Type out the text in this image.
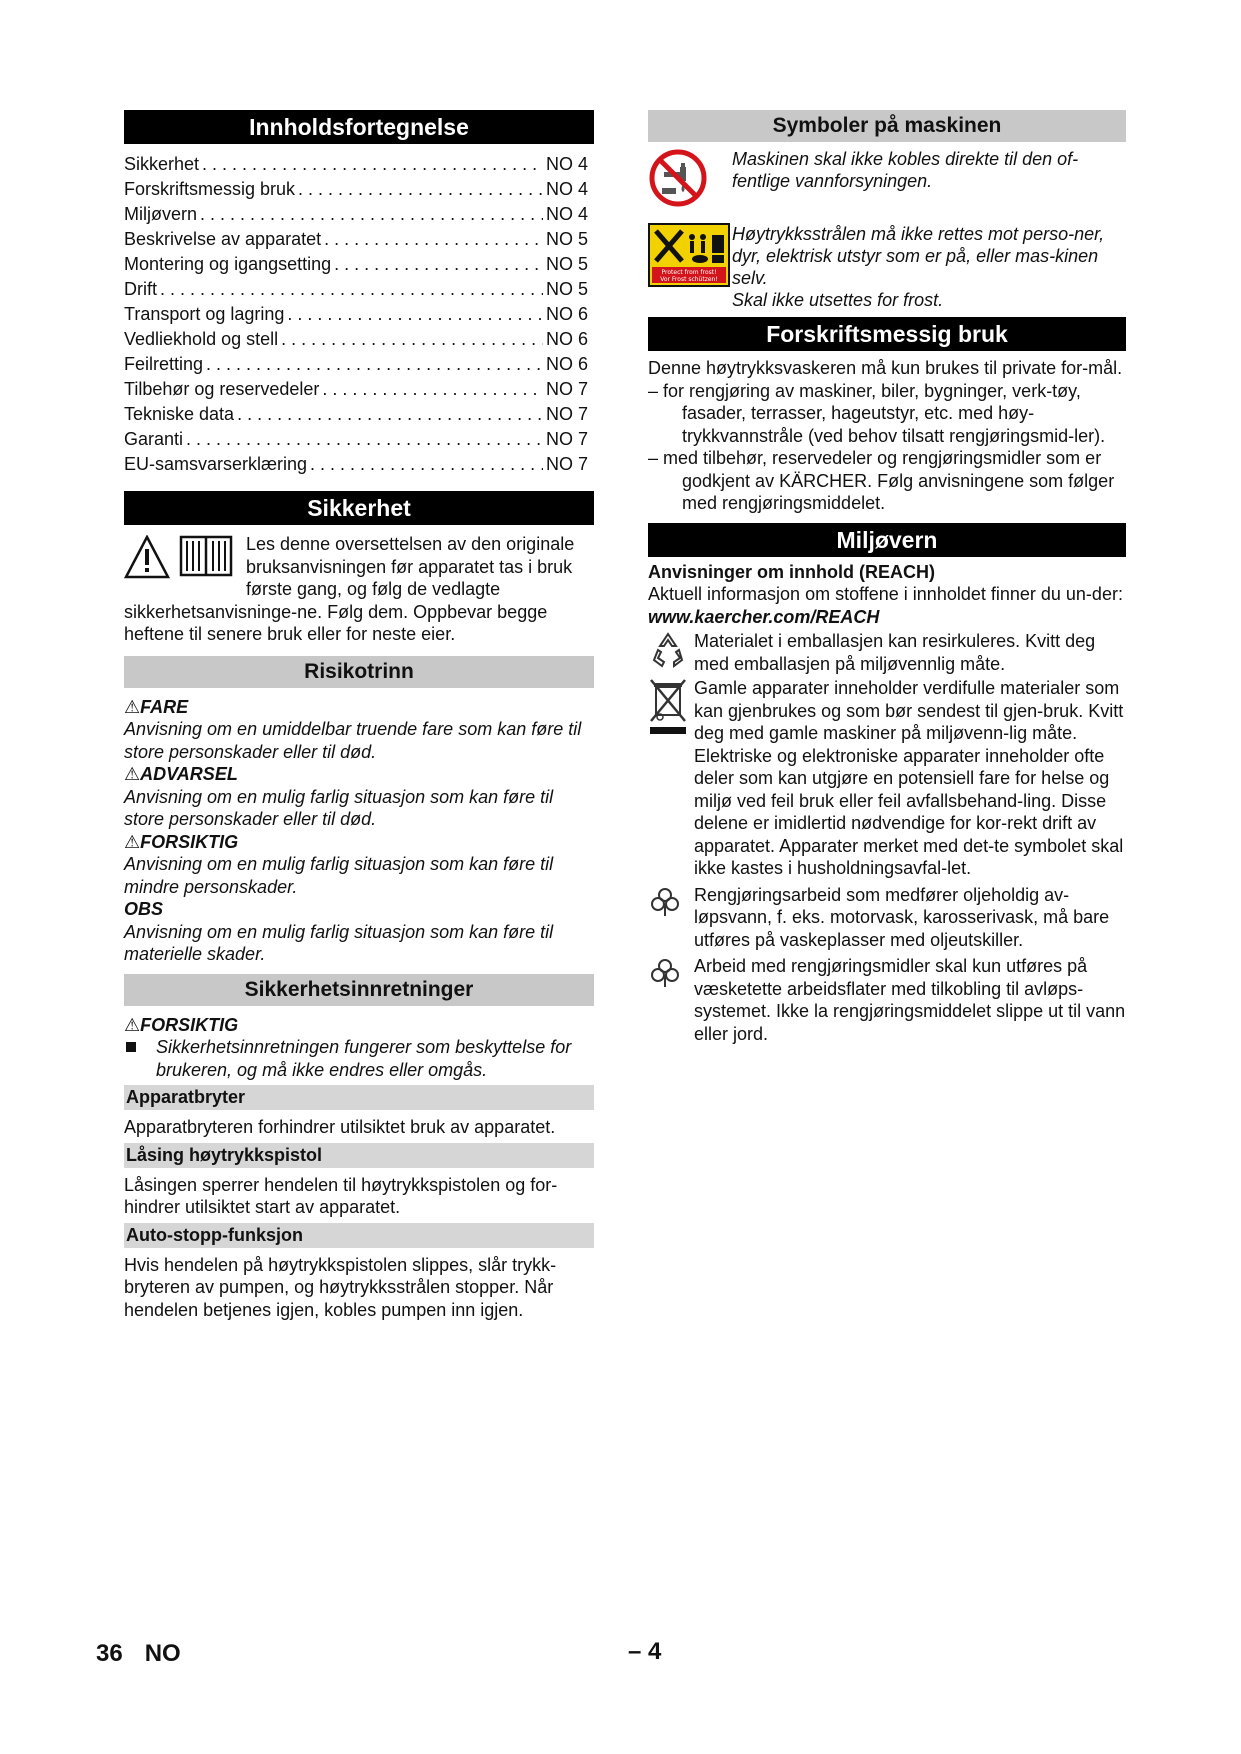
Innholdsfortegnelse
Sikkerhet . . .	NO 4
Forskriftsmessig bruk . . .	NO 4
Miljøvern . . .	NO 4
Beskrivelse av apparatet . . .	NO 5
Montering og igangsetting . . .	NO 5
Drift . . .	NO 5
Transport og lagring . . .	NO 6
Vedliekhold og stell . . .	NO 6
Feilretting . . .	NO 6
Tilbehør og reservedeler . . .	NO 7
Tekniske data . . .	NO 7
Garanti . . .	NO 7
EU-samsvarserklæring . . .	NO 7
Sikkerhet

Les denne oversettelsen av den originale bruksanvisningen før apparatet tas i bruk første gang, og følg de vedlagte sikkerhetsanvisninge-ne. Følg dem. Oppbevar begge heftene til senere bruk eller for neste eier.

Risikotrinn
⚠FARE

Anvisning om en umiddelbar truende fare som kan føre til store personskader eller til død.

⚠ADVARSEL

Anvisning om en mulig farlig situasjon som kan føre til store personskader eller til død.

⚠FORSIKTIG

Anvisning om en mulig farlig situasjon som kan føre til mindre personskader.

OBS

Anvisning om en mulig farlig situasjon som kan føre til materielle skader.

Sikkerhetsinnretninger
⚠FORSIKTIG
Sikkerhetsinnretningen fungerer som beskyttelse for brukeren, og må ikke endres eller omgås.
Apparatbryter

Apparatbryteren forhindrer utilsiktet bruk av apparatet.

Låsing høytrykkspistol

Låsingen sperrer hendelen til høytrykkspistolen og for-hindrer utilsiktet start av apparatet.

Auto-stopp-funksjon

Hvis hendelen på høytrykkspistolen slippes, slår trykk-bryteren av pumpen, og høytrykksstrålen stopper. Når hendelen betjenes igjen, kobles pumpen inn igjen.

Symboler på maskinen
Maskinen skal ikke kobles direkte til den of-fentlige vannforsyningen.
Protect from frost!
Vor Frost schützen!

Høytrykksstrålen må ikke rettes mot perso-ner, dyr, elektrisk utstyr som er på, eller mas-kinen selv.

Skal ikke utsettes for frost.

Forskriftsmessig bruk

Denne høytrykksvaskeren må kun brukes til private for-mål.

– for rengjøring av maskiner, biler, bygninger, verk-tøy, fasader, terrasser, hageutstyr, etc. med høy-trykkvannstråle (ved behov tilsatt rengjøringsmid-ler).

– med tilbehør, reservedeler og rengjøringsmidler som er godkjent av KÄRCHER. Følg anvisningene som følger med rengjøringsmiddelet.

Miljøvern

Anvisninger om innhold (REACH)

Aktuell informasjon om stoffene i innholdet finner du un-der:

www.kaercher.com/REACH

Materialet i emballasjen kan resirkuleres. Kvitt deg med emballasjen på miljøvennlig måte.

Gamle apparater inneholder verdifulle materialer som kan gjenbrukes og som bør sendest til gjen-bruk. Kvitt deg med gamle maskiner på miljøvenn-lig måte.

Elektriske og elektroniske apparater inneholder ofte deler som kan utgjøre en potensiell fare for helse og miljø ved feil bruk eller feil avfallsbehand-ling. Disse delene er imidlertid nødvendige for kor-rekt drift av apparatet. Apparater merket med det-te symbolet skal ikke kastes i husholdningsavfal-let.

Rengjøringsarbeid som medfører oljeholdig av-løpsvann, f. eks. motorvask, karosserivask, må bare utføres på vaskeplasser med oljeutskiller.
Arbeid med rengjøringsmidler skal kun utføres på væsketette arbeidsflater med tilkobling til avløps-systemet. Ikke la rengjøringsmiddelet slippe ut til vann eller jord.
36 NO	– 4
